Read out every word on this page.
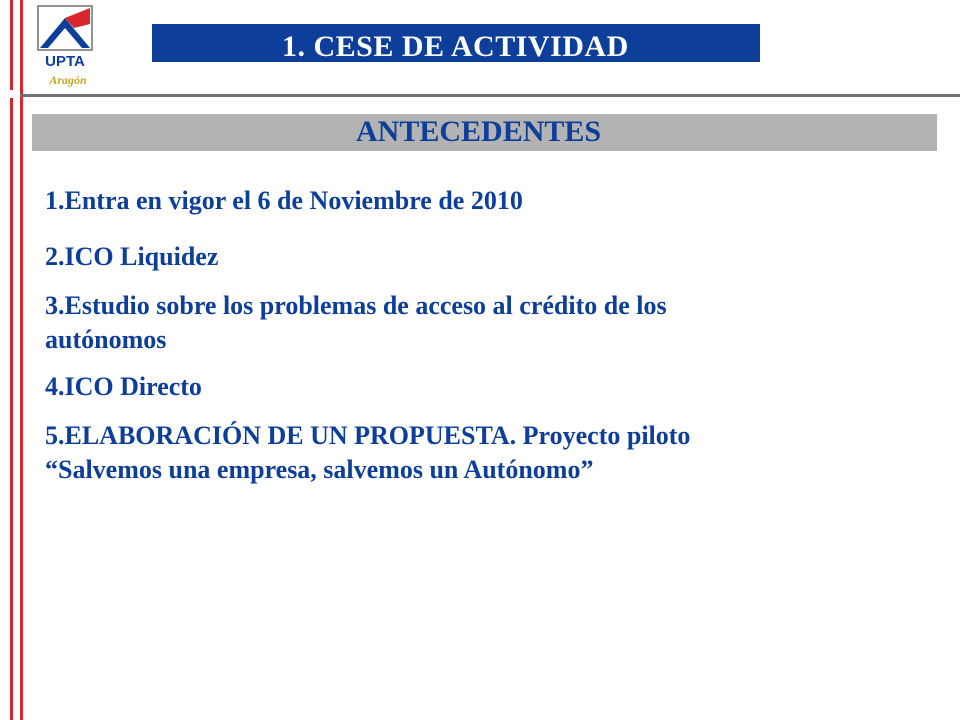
UPTA
Aragón
1. CESE DE ACTIVIDAD
ANTECEDENTES
1.Entra en vigor el 6 de Noviembre de 2010
2.ICO Liquidez
3.Estudio sobre los problemas de acceso al crédito de los
autónomos
4.ICO Directo
5.ELABORACIÓN DE UN PROPUESTA. Proyecto piloto
“Salvemos una empresa, salvemos un Autónomo”
